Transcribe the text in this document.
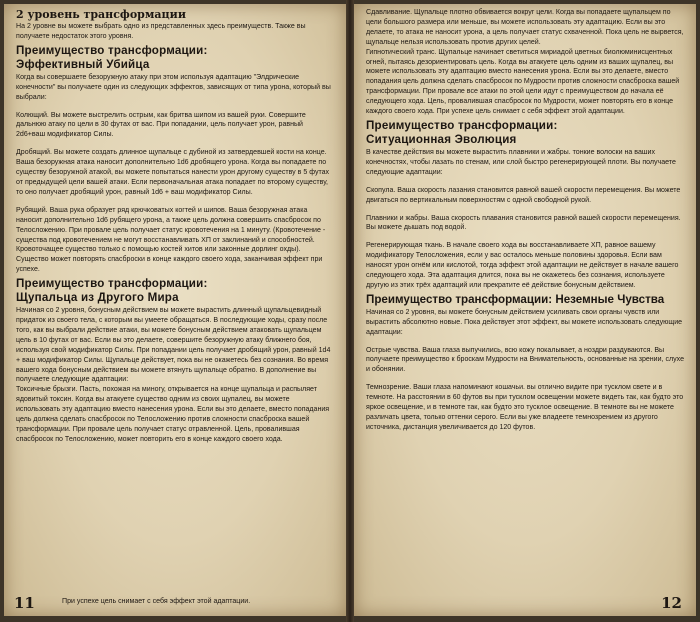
2 уровень трансформации

На 2 уровне вы можете выбрать одно из представленных здесь преимуществ. Также вы получаете недостаток этого уровня.

Преимущество трансформации:
Эффективный Убийца

Когда вы совершаете безоружную атаку при этом используя адаптацию "Элдрические конечности" вы получаете один из следующих эффектов, зависящих от типа урона, который вы выбрали:

Колющий. Вы можете выстрелить острым, как бритва шипом из вашей руки. Совершите дальнюю атаку по цели в 30 футах от вас. При попадании, цель получает урон, равный 2d6+ваш модификатор Силы.

Дробящий. Вы можете создать длинное щупальце с дубиной из затвердевшей кости на конце. Ваша безоружная атака наносит дополнительно 1d6 дробящего урона. Когда вы попадаете по существу безоружной атакой, вы можете попытаться нанести урон другому существу в 5 футах от предыдущей цели вашей атаки. Если первоначальная атака попадает по второму существу, то оно получает дробящий урон, равный 1d6 + ваш модификатор Силы.

Рубящий. Ваша рука образует ряд крючковатых когтей и шипов. Ваша безоружная атака наносит дополнительно 1d6 рубящего урона, а также цель должна совершить спасбросок по Телосложению. При провале цель получает статус кровотечения на 1 минуту. (Кровотечение - существа под кровотечением не могут восстанавливать ХП от заклинаний и способностей. Кровоточащее существо только с помощью костей хитов или законные дорлинг охды). Существо может повторять спасброски в конце каждого своего хода, заканчивая эффект при успехе.

Преимущество трансформации:
Щупальца из Другого Мира

Начиная со 2 уровня, бонусным действием вы можете вырастить длинный щупальцевидный придаток из своего тела, с которым вы умеете обращаться. В последующие ходы, сразу после того, как вы выбрали действие атаки, вы можете бонусным действием атаковать щупальцем цель в 10 футах от вас. Если вы это делаете, совершите безоружную атаку ближнего боя, используя свой модификатор Силы. При попадании цель получает дробящий урон, равный 1d4 + ваш модификатор Силы. Щупальце действует, пока вы не окажетесь без сознания. Во время вашего хода бонусным действием вы можете втянуть щупальце обратно. В дополнение вы получаете следующие адаптации:

Токсичные брызги. Пасть, похожая на миногу, открывается на конце щупальца и распыляет ядовитый токсин. Когда вы атакуете существо одним из своих щупалец, вы можете использовать эту адаптацию вместо нанесения урона. Если вы это делаете, вместо попадания цель должна сделать спасбросок по Телосложению против сложности спасброска вашей трансформации. При провале цель получает статус отравленной. Цель, провалившая спасбросок по Телосложению, может повторить его в конце каждого своего хода.

При успехе цель снимает с себя эффект этой адаптации.
11

Сдавливание. Щупальце плотно обвивается вокруг цели. Когда вы попадаете щупальцем по цели большого размера или меньше, вы можете использовать эту адаптацию. Если вы это делаете, то атака не наносит урона, а цель получает статус схваченной. Пока цель не вырвется, щупальце нельзя использовать против других целей.

Гипнотический транс. Щупальце начинает светиться мириадой цветных биолюминисцентных огней, пытаясь дезориентировать цель. Когда вы атакуете цель одним из ваших щупалец, вы можете использовать эту адаптацию вместо нанесения урона. Если вы это делаете, вместо попадания цель должна сделать спасбросок по Мудрости против сложности спасброска вашей трансформации. При провале все атаки по этой цели идут с преимуществом до начала её следующего хода. Цель, провалившая спасбросок по Мудрости, может повторять его в конце каждого своего хода. При успехе цель снимает с себя эффект этой адаптации.

Преимущество трансформации:
Ситуационная Эволюция

В качестве действия вы можете вырастить плавники и жабры. тонкие волоски на ваших конечностях, чтобы лазать по стенам, или слой быстро регенерирующей плоти. Вы получаете следующие адаптации:

Скопула. Ваша скорость лазания становится равной вашей скорости перемещения. Вы можете двигаться по вертикальным поверхностям с одной свободной рукой.

Плавники и жабры. Ваша скорость плавания становится равной вашей скорости перемещения. Вы можете дышать под водой.

Регенерирующая ткань. В начале своего хода вы восстанавливаете ХП, равное вашему модификатору Телосложения, если у вас осталось меньше половины здоровья. Если вам наносят урон огнём или кислотой, тогда эффект этой адаптации не действует в начале вашего следующего хода. Эта адаптация длится, пока вы не окажетесь без сознания, используете другую из этих трёх адаптаций или прекратите её действие бонусным действием.

Преимущество трансформации: Неземные Чувства

Начиная со 2 уровня, вы можете бонусным действием усиливать свои органы чувств или вырастить абсолютно новые. Пока действует этот эффект, вы можете использовать следующие адаптации:

Острые чувства. Ваша глаза выпучились, всю кожу покалывает, а ноздри раздуваются. Вы получаете преимущество к броскам Мудрости на Внимательность, основанные на зрении, слухе и обонянии.

Темнозрение. Ваши глаза напоминают кошачьи. вы отлично видите при тусклом свете и в темноте. На расстоянии в 60 футов вы при тусклом освещении можете видеть так, как будто это яркое освещение, и в темноте так, как будто это тусклое освещение. В темноте вы не можете различать цвета, только оттенки серого. Если вы уже владеете темнозрением из другого источника, дистанция увеличивается до 120 футов.

12
